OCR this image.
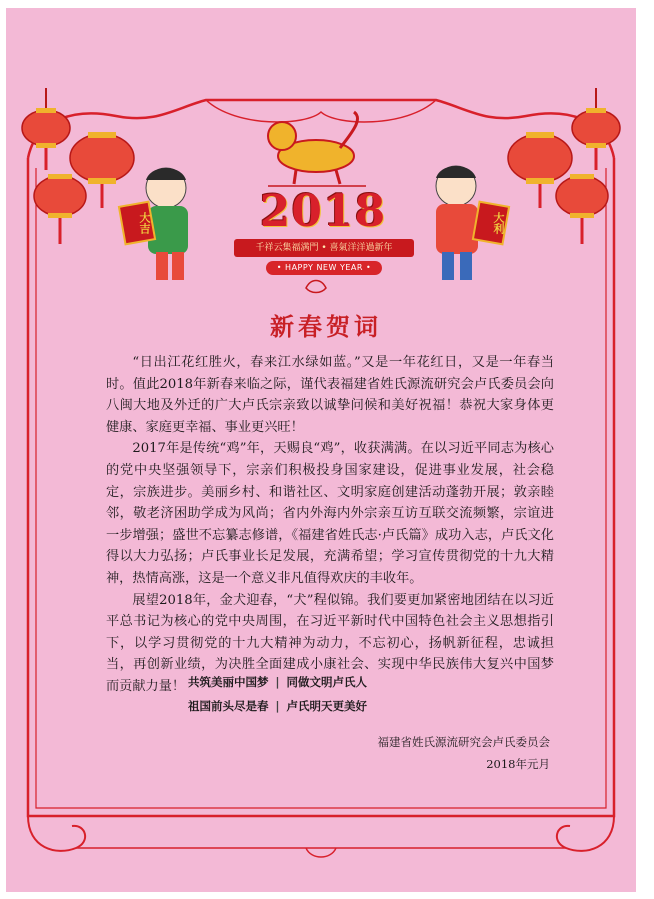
2018
千祥云集福满門 • 喜氣洋洋過新年
• HAPPY NEW YEAR •
大吉	大利
新春贺词

“日出江花红胜火，春来江水绿如蓝。”又是一年花红日，又是一年春当时。值此2018年新春来临之际，谨代表福建省姓氏源流研究会卢氏委员会向八闽大地及外迁的广大卢氏宗亲致以诚挚问候和美好祝福！恭祝大家身体更健康、家庭更幸福、事业更兴旺！

2017年是传统“鸡”年，天赐良“鸡”，收获满满。在以习近平同志为核心的党中央坚强领导下，宗亲们积极投身国家建设，促进事业发展，社会稳定，宗族进步。美丽乡村、和谐社区、文明家庭创建活动蓬勃开展；敦亲睦邻，敬老济困助学成为风尚；省内外海内外宗亲互访互联交流频繁，宗谊进一步增强；盛世不忘纂志修谱，《福建省姓氏志·卢氏篇》成功入志，卢氏文化得以大力弘扬；卢氏事业长足发展，充满希望；学习宣传贯彻党的十九大精神，热情高涨，这是一个意义非凡值得欢庆的丰收年。

展望2018年，金犬迎春，“犬”程似锦。我们要更加紧密地团结在以习近平总书记为核心的党中央周围，在习近平新时代中国特色社会主义思想指引下，以学习贯彻党的十九大精神为动力，不忘初心，扬帆新征程，忠诚担当，再创新业绩，为决胜全面建成小康社会、实现中华民族伟大复兴中国梦而贡献力量！ 共筑美丽中国梦 | 同做文明卢氏人
祖国前头尽是春 | 卢氏明天更美好
福建省姓氏源流研究会卢氏委员会
2018年元月
